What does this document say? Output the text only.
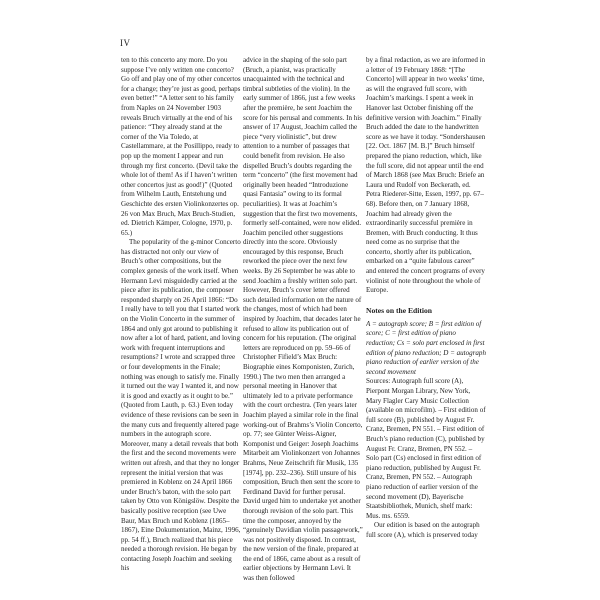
IV

ten to this concerto any more. Do you suppose I’ve only written one concerto? Go off and play one of my other concertos for a change; they’re just as good, perhaps even better!” “A letter sent to his family from Naples on 24 November 1903 reveals Bruch virtually at the end of his patience: “They already stand at the corner of the Via Toledo, at Castellammare, at the Posillippo, ready to pop up the moment I appear and run through my first concerto. (Devil take the whole lot of them! As if I haven’t written other concertos just as good!)” (Quoted from Wilhelm Lauth, Entstehung und Geschichte des ersten Violinkonzertes op. 26 von Max Bruch, Max Bruch-Studien, ed. Dietrich Kämper, Cologne, 1970, p. 65.)

The popularity of the g-minor Concerto has distracted not only our view of Bruch’s other compositions, but the complex genesis of the work itself. When Hermann Levi misguidedly carried at the piece after its publication, the composer responded sharply on 26 April 1866: “Do I really have to tell you that I started work on the Violin Concerto in the summer of 1864 and only got around to publishing it now after a lot of hard, patient, and loving work with frequent interruptions and resumptions? I wrote and scrapped three or four developments in the Finale; nothing was enough to satisfy me. Finally it turned out the way I wanted it, and now it is good and exactly as it ought to be.” (Quoted from Lauth, p. 63.) Even today evidence of these revisions can be seen in the many cuts and frequently altered page numbers in the autograph score. Moreover, many a detail reveals that both the first and the second movements were written out afresh, and that they no longer represent the initial version that was premiered in Koblenz on 24 April 1866 under Bruch’s baton, with the solo part taken by Otto von Königslöw. Despite the basically positive reception (see Uwe Baur, Max Bruch und Koblenz (1865–1867), Eine Dokumentation, Mainz, 1996, pp. 54 ff.), Bruch realized that his piece needed a thorough revision. He began by contacting Joseph Joachim and seeking his

advice in the shaping of the solo part (Bruch, a pianist, was practically unacquainted with the technical and timbral subtleties of the violin). In the early summer of 1866, just a few weeks after the première, he sent Joachim the score for his perusal and comments. In his answer of 17 August, Joachim called the piece “very violinistic”, but drew attention to a number of passages that could benefit from revision. He also dispelled Bruch’s doubts regarding the term “concerto” (the first movement had originally been headed “Introduzione quasi Fantasia” owing to its formal peculiarities). It was at Joachim’s suggestion that the first two movements, formerly self-contained, were now elided. Joachim penciled other suggestions directly into the score. Obviously encouraged by this response, Bruch reworked the piece over the next few weeks. By 26 September he was able to send Joachim a freshly written solo part. However, Bruch’s cover letter offered such detailed information on the nature of the changes, most of which had been inspired by Joachim, that decades later he refused to allow its publication out of concern for his reputation. (The original letters are reproduced on pp. 59–66 of Christopher Fifield’s Max Bruch: Biographie eines Komponisten, Zurich, 1990.) The two men then arranged a personal meeting in Hanover that ultimately led to a private performance with the court orchestra. (Ten years later Joachim played a similar role in the final working-out of Brahms’s Violin Concerto, op. 77; see Günter Weiss-Aigner, Komponist und Geiger: Joseph Joachims Mitarbeit am Violinkonzert von Johannes Brahms, Neue Zeitschrift für Musik, 135 [1974], pp. 232–236). Still unsure of his composition, Bruch then sent the score to Ferdinand David for further perusal. David urged him to undertake yet another thorough revision of the solo part. This time the composer, annoyed by the “genuinely Davidian violin passagework,” was not positively disposed. In contrast, the new version of the finale, prepared at the end of 1866, came about as a result of earlier objections by Hermann Levi. It was then followed

by a final redaction, as we are informed in a letter of 19 February 1868: “[The Concerto] will appear in two weeks’ time, as will the engraved full score, with Joachim’s markings. I spent a week in Hanover last October finishing off the definitive version with Joachim.” Finally Bruch added the date to the handwritten score as we have it today. “Sondershausen [22. Oct. 1867 [M. B.]” Bruch himself prepared the piano reduction, which, like the full score, did not appear until the end of March 1868 (see Max Bruch: Briefe an Laura und Rudolf von Beckerath, ed. Petra Riederer-Sitte, Essen, 1997, pp. 67–68). Before then, on 7 January 1868, Joachim had already given the extraordinarily successful première in Bremen, with Bruch conducting. It thus need come as no surprise that the concerto, shortly after its publication, embarked on a “quite fabulous career” and entered the concert programs of every violinist of note throughout the whole of Europe.

Notes on the Edition

A = autograph score; B = first edition of score; C = first edition of piano reduction; Cs = solo part enclosed in first edition of piano reduction; D = autograph piano reduction of earlier version of the second movement

Sources: Autograph full score (A), Pierpont Morgan Library, New York, Mary Flagler Cary Music Collection (available on microfilm). – First edition of full score (B), published by August Fr. Cranz, Bremen, PN 551. – First edition of Bruch’s piano reduction (C), published by August Fr. Cranz, Bremen, PN 552. – Solo part (Cs) enclosed in first edition of piano reduction, published by August Fr. Cranz, Bremen, PN 552. – Autograph piano reduction of earlier version of the second movement (D), Bayerische Staatsbibliothek, Munich, shelf mark: Mus. ms. 6559.

Our edition is based on the autograph full score (A), which is preserved today
